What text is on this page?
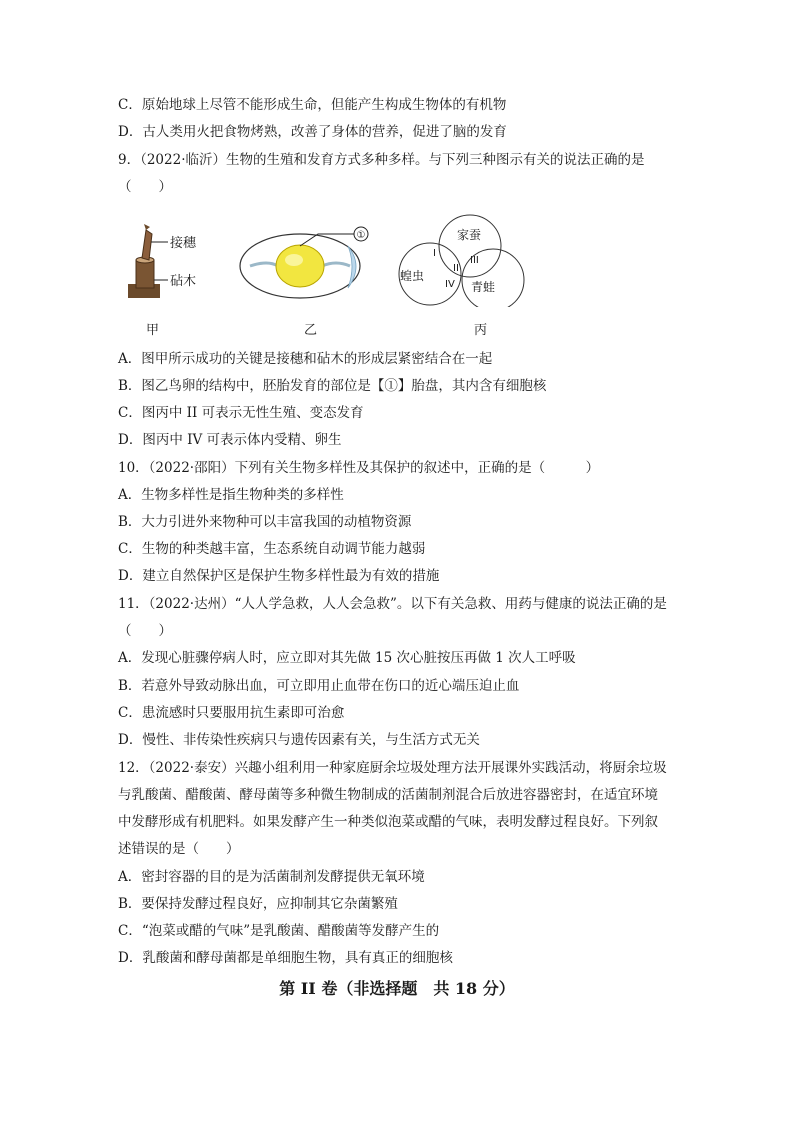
C．原始地球上尽管不能形成生命，但能产生构成生物体的有机物
D．古人类用火把食物烤熟，改善了身体的营养，促进了脑的发育
9．（2022·临沂）生物的生殖和发育方式多种多样。与下列三种图示有关的说法正确的是
（　　）
接穗
砧木
①	家蚕
蝗虫
青蛙
I
II
III
IV
甲	乙	丙
A．图甲所示成功的关键是接穗和砧木的形成层紧密结合在一起
B．图乙鸟卵的结构中，胚胎发育的部位是【①】胎盘，其内含有细胞核
C．图丙中 II 可表示无性生殖、变态发育
D．图丙中 IV 可表示体内受精、卵生
10．（2022·邵阳）下列有关生物多样性及其保护的叙述中，正确的是（　　　）
A．生物多样性是指生物种类的多样性
B．大力引进外来物种可以丰富我国的动植物资源
C．生物的种类越丰富，生态系统自动调节能力越弱
D．建立自然保护区是保护生物多样性最为有效的措施
11．（2022·达州）“人人学急救，人人会急救”。以下有关急救、用药与健康的说法正确的是
（　　）
A．发现心脏骤停病人时，应立即对其先做 15 次心脏按压再做 1 次人工呼吸
B．若意外导致动脉出血，可立即用止血带在伤口的近心端压迫止血
C．患流感时只要服用抗生素即可治愈
D．慢性、非传染性疾病只与遗传因素有关，与生活方式无关
12．（2022·泰安）兴趣小组利用一种家庭厨余垃圾处理方法开展课外实践活动，将厨余垃圾
与乳酸菌、醋酸菌、酵母菌等多种微生物制成的活菌制剂混合后放进容器密封，在适宜环境
中发酵形成有机肥料。如果发酵产生一种类似泡菜或醋的气味，表明发酵过程良好。下列叙
述错误的是（　　）
A．密封容器的目的是为活菌制剂发酵提供无氧环境
B．要保持发酵过程良好，应抑制其它杂菌繁殖
C．“泡菜或醋的气味”是乳酸菌、醋酸菌等发酵产生的
D．乳酸菌和酵母菌都是单细胞生物，具有真正的细胞核
第 II 卷（非选择题　共 18 分）
